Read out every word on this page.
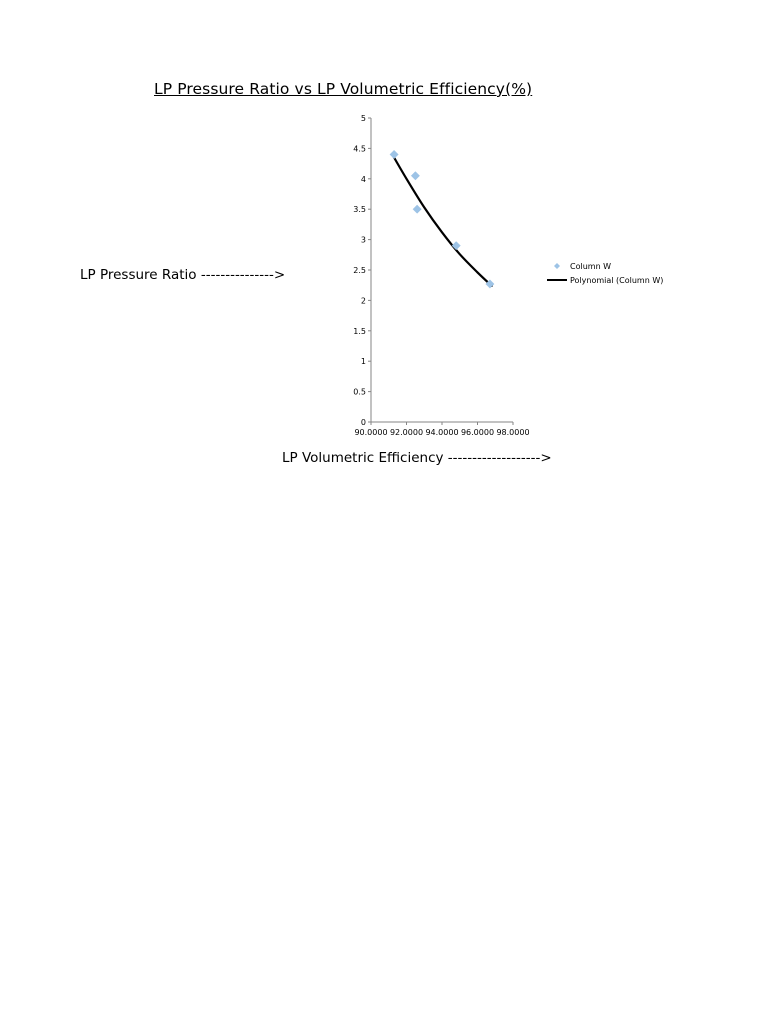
LP Pressure Ratio vs LP Volumetric Efficiency(%)
0
0.5
1
1.5
2
2.5
3
3.5
4
4.5
5
90.0000 92.0000 94.0000 96.0000 98.0000
Column W
Polynomial (Column W)
LP Pressure Ratio --------------->
LP Volumetric Efficiency ------------------->
